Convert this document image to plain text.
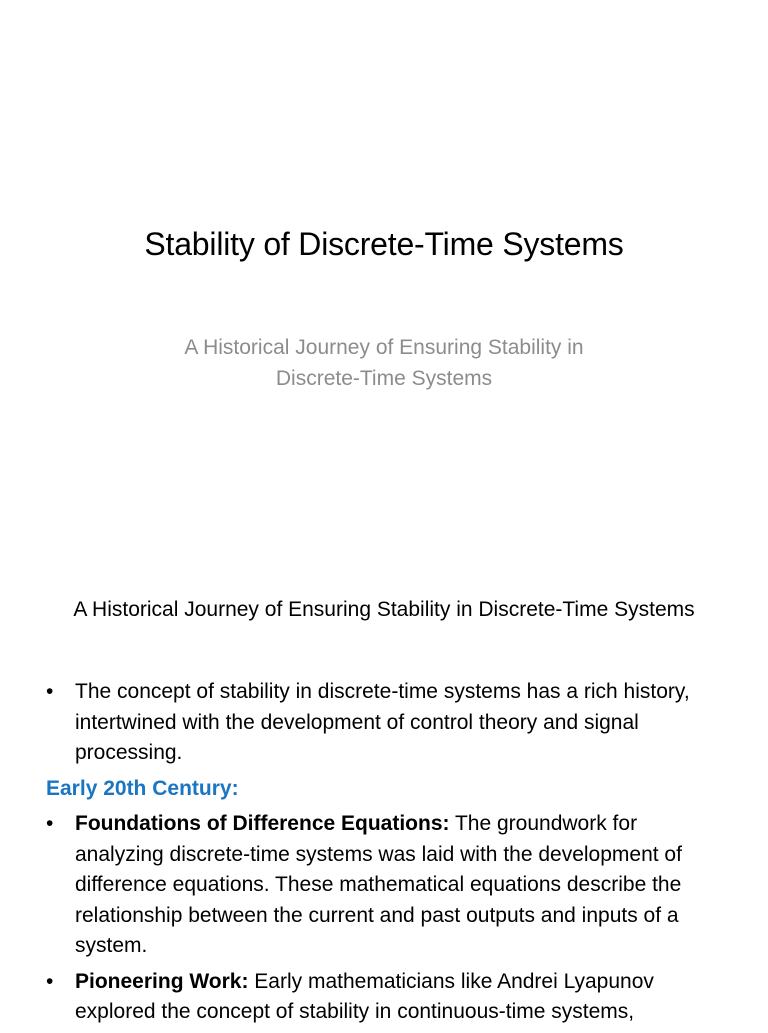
Stability of Discrete-Time Systems

A Historical Journey of Ensuring Stability in Discrete-Time Systems

A Historical Journey of Ensuring Stability in Discrete-Time Systems
• The concept of stability in discrete-time systems has a rich history, intertwined with the development of control theory and signal processing.
Early 20th Century:
• Foundations of Difference Equations: The groundwork for analyzing discrete-time systems was laid with the development of difference equations. These mathematical equations describe the relationship between the current and past outputs and inputs of a system.
• Pioneering Work: Early mathematicians like Andrei Lyapunov explored the concept of stability in continuous-time systems,
